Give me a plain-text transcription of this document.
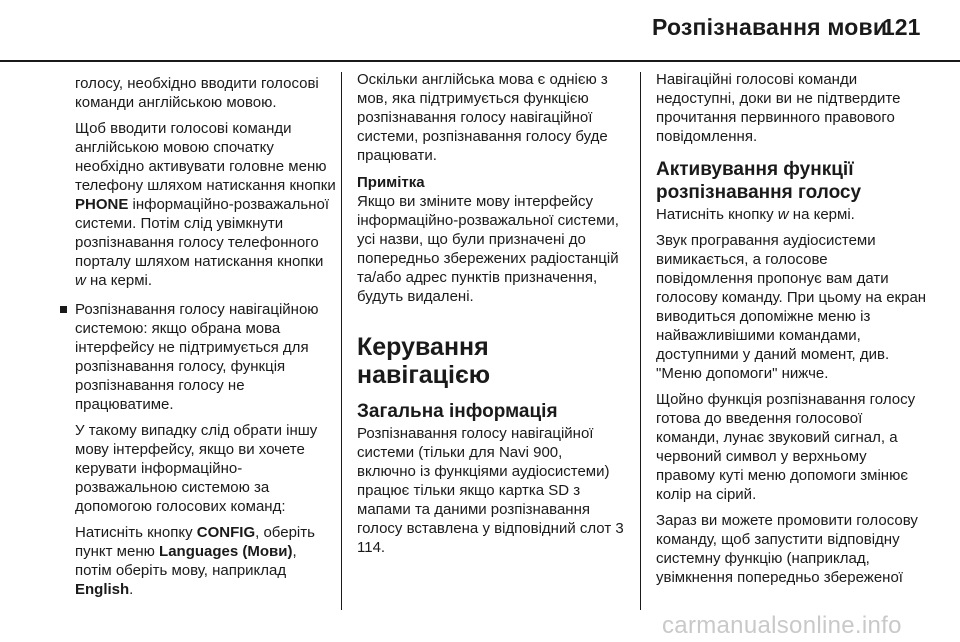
Розпізнавання мови
121

голосу, необхідно вводити голосові команди англійською мовою.

Щоб вводити голосові команди англійською мовою спочатку необхідно активувати головне меню телефону шляхом натискання кнопки PHONE інформаційно-розважальної системи. Потім слід увімкнути розпізнавання голосу телефонного порталу шляхом натискання кнопки w на кермі.

Розпізнавання голосу навігаційною системою: якщо обрана мова інтерфейсу не підтримується для розпізнавання голосу, функція розпізнавання голосу не працюватиме.

У такому випадку слід обрати іншу мову інтерфейсу, якщо ви хочете керувати інформаційно-розважальною системою за допомогою голосових команд:

Натисніть кнопку CONFIG, оберіть пункт меню Languages (Мови), потім оберіть мову, наприклад English.

Оскільки англійська мова є однією з мов, яка підтримується функцією розпізнавання голосу навігаційної системи, розпізнавання голосу буде працювати.

Примітка

Якщо ви зміните мову інтерфейсу інформаційно-розважальної системи, усі назви, що були призначені до попередньо збережених радіостанцій та/або адрес пунктів призначення, будуть видалені.

Керування навігацією
Загальна інформація

Розпізнавання голосу навігаційної системи (тільки для Navi 900, включно із функціями аудіосистеми) працює тільки якщо картка SD з мапами та даними розпізнавання голосу вставлена у відповідний слот 3 114.

Навігаційні голосові команди недоступні, доки ви не підтвердите прочитання первинного правового повідомлення.

Активування функції розпізнавання голосу

Натисніть кнопку w на кермі.

Звук програвання аудіосистеми вимикається, а голосове повідомлення пропонує вам дати голосову команду. При цьому на екран виводиться допоміжне меню із найважливішими командами, доступними у даний момент, див. "Меню допомоги" нижче.

Щойно функція розпізнавання голосу готова до введення голосової команди, лунає звуковий сигнал, а червоний символ у верхньому правому куті меню допомоги змінює колір на сірий.

Зараз ви можете промовити голосову команду, щоб запустити відповідну системну функцію (наприклад, увімкнення попередньо збереженої

carmanualsonline.info
